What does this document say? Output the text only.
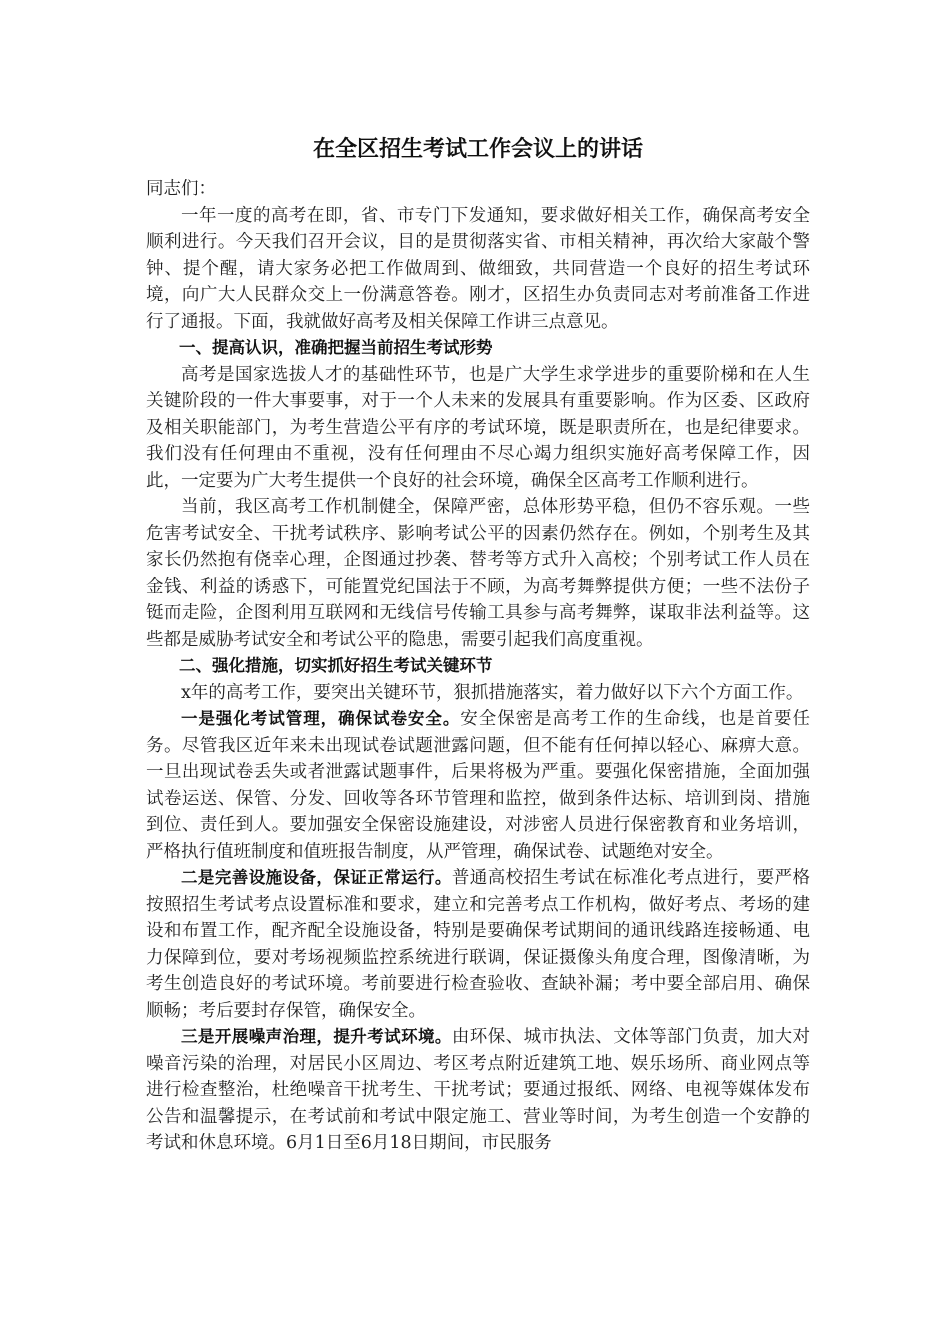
在全区招生考试工作会议上的讲话

同志们：

一年一度的高考在即，省、市专门下发通知，要求做好相关工作，确保高考安全顺利进行。今天我们召开会议，目的是贯彻落实省、市相关精神，再次给大家敲个警钟、提个醒，请大家务必把工作做周到、做细致，共同营造一个良好的招生考试环境，向广大人民群众交上一份满意答卷。刚才，区招生办负责同志对考前准备工作进行了通报。下面，我就做好高考及相关保障工作讲三点意见。

一、提高认识，准确把握当前招生考试形势

高考是国家选拔人才的基础性环节，也是广大学生求学进步的重要阶梯和在人生关键阶段的一件大事要事，对于一个人未来的发展具有重要影响。作为区委、区政府及相关职能部门，为考生营造公平有序的考试环境，既是职责所在，也是纪律要求。我们没有任何理由不重视，没有任何理由不尽心竭力组织实施好高考保障工作，因此，一定要为广大考生提供一个良好的社会环境，确保全区高考工作顺利进行。

当前，我区高考工作机制健全，保障严密，总体形势平稳，但仍不容乐观。一些危害考试安全、干扰考试秩序、影响考试公平的因素仍然存在。例如，个别考生及其家长仍然抱有侥幸心理，企图通过抄袭、替考等方式升入高校；个别考试工作人员在金钱、利益的诱惑下，可能置党纪国法于不顾，为高考舞弊提供方便；一些不法份子铤而走险，企图利用互联网和无线信号传输工具参与高考舞弊，谋取非法利益等。这些都是威胁考试安全和考试公平的隐患，需要引起我们高度重视。

二、强化措施，切实抓好招生考试关键环节

x年的高考工作，要突出关键环节，狠抓措施落实，着力做好以下六个方面工作。

一是强化考试管理，确保试卷安全。安全保密是高考工作的生命线，也是首要任务。尽管我区近年来未出现试卷试题泄露问题，但不能有任何掉以轻心、麻痹大意。一旦出现试卷丢失或者泄露试题事件，后果将极为严重。要强化保密措施，全面加强试卷运送、保管、分发、回收等各环节管理和监控，做到条件达标、培训到岗、措施到位、责任到人。要加强安全保密设施建设，对涉密人员进行保密教育和业务培训，严格执行值班制度和值班报告制度，从严管理，确保试卷、试题绝对安全。

二是完善设施设备，保证正常运行。普通高校招生考试在标准化考点进行，要严格按照招生考试考点设置标准和要求，建立和完善考点工作机构，做好考点、考场的建设和布置工作，配齐配全设施设备，特别是要确保考试期间的通讯线路连接畅通、电力保障到位，要对考场视频监控系统进行联调，保证摄像头角度合理，图像清晰，为考生创造良好的考试环境。考前要进行检查验收、查缺补漏；考中要全部启用、确保顺畅；考后要封存保管，确保安全。

三是开展噪声治理，提升考试环境。由环保、城市执法、文体等部门负责，加大对噪音污染的治理，对居民小区周边、考区考点附近建筑工地、娱乐场所、商业网点等进行检查整治，杜绝噪音干扰考生、干扰考试；要通过报纸、网络、电视等媒体发布公告和温馨提示，在考试前和考试中限定施工、营业等时间，为考生创造一个安静的考试和休息环境。6月1日至6月18日期间，市民服务
